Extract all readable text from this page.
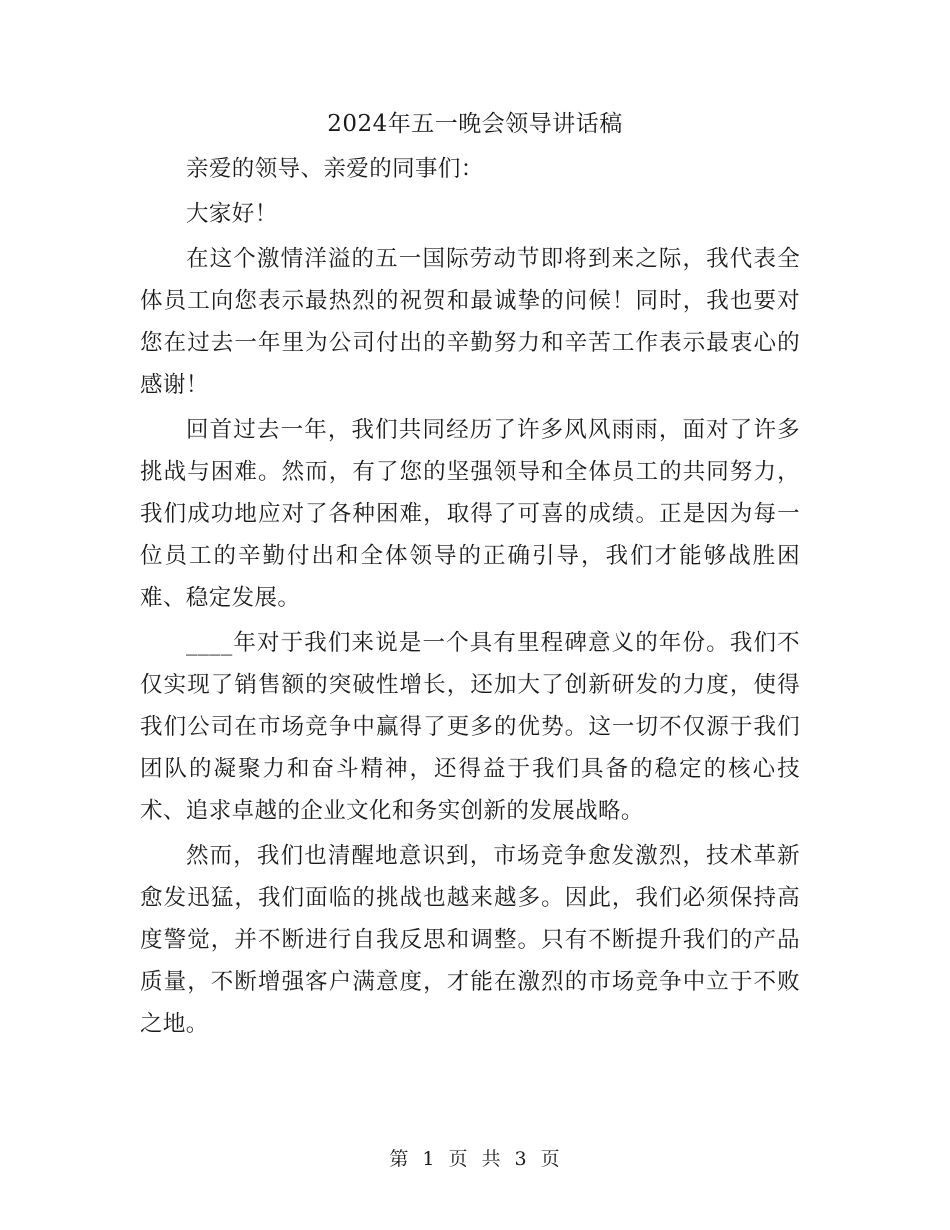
2024年五一晚会领导讲话稿

亲爱的领导、亲爱的同事们：

大家好！

在这个激情洋溢的五一国际劳动节即将到来之际，我代表全体员工向您表示最热烈的祝贺和最诚挚的问候！同时，我也要对您在过去一年里为公司付出的辛勤努力和辛苦工作表示最衷心的感谢！

回首过去一年，我们共同经历了许多风风雨雨，面对了许多挑战与困难。然而，有了您的坚强领导和全体员工的共同努力，我们成功地应对了各种困难，取得了可喜的成绩。正是因为每一位员工的辛勤付出和全体领导的正确引导，我们才能够战胜困难、稳定发展。

____年对于我们来说是一个具有里程碑意义的年份。我们不仅实现了销售额的突破性增长，还加大了创新研发的力度，使得我们公司在市场竞争中赢得了更多的优势。这一切不仅源于我们团队的凝聚力和奋斗精神，还得益于我们具备的稳定的核心技术、追求卓越的企业文化和务实创新的发展战略。

然而，我们也清醒地意识到，市场竞争愈发激烈，技术革新愈发迅猛，我们面临的挑战也越来越多。因此，我们必须保持高度警觉，并不断进行自我反思和调整。只有不断提升我们的产品质量，不断增强客户满意度，才能在激烈的市场竞争中立于不败之地。

第 1 页 共 3 页
